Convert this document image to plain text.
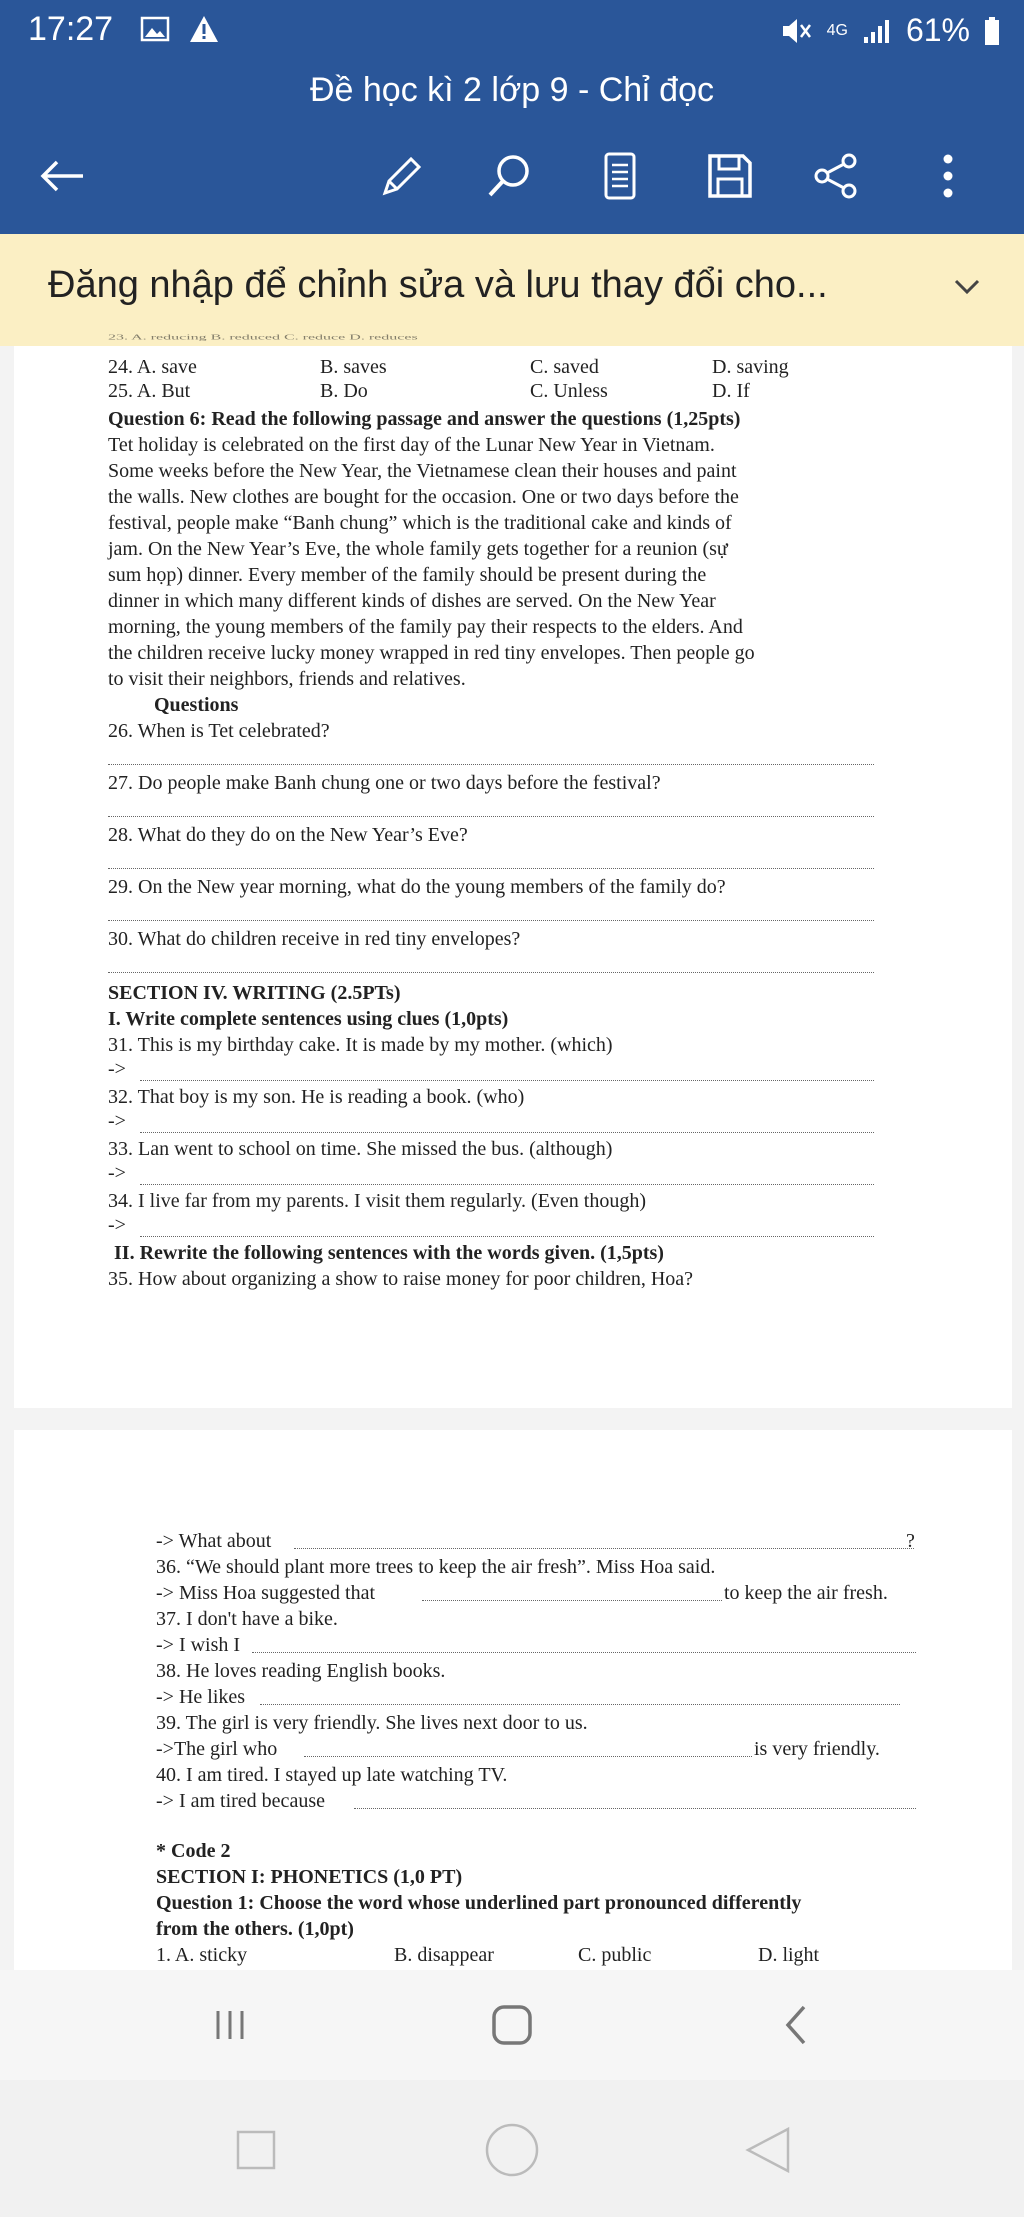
17:27	4G 61%
Đề học kì 2 lớp 9 - Chỉ đọc
Đăng nhập để chỉnh sửa và lưu thay đổi cho...
23. A. reducing B. reduced C. reduce D. reduces
24. A. save	B. saves	C. saved	D. saving
25. A. But	B. Do	C. Unless	D. If
Question 6: Read the following passage and answer the questions (1,25pts)
Tet holiday is celebrated on the first day of the Lunar New Year in Vietnam.
Some weeks before the New Year, the Vietnamese clean their houses and paint
the walls. New clothes are bought for the occasion. One or two days before the
festival, people make “Banh chung” which is the traditional cake and kinds of
jam. On the New Year’s Eve, the whole family gets together for a reunion (sự
sum họp) dinner. Every member of the family should be present during the
dinner in which many different kinds of dishes are served. On the New Year
morning, the young members of the family pay their respects to the elders. And
the children receive lucky money wrapped in red tiny envelopes. Then people go
to visit their neighbors, friends and relatives.
Questions
26. When is Tet celebrated?
27. Do people make Banh chung one or two days before the festival?
28. What do they do on the New Year’s Eve?
29. On the New year morning, what do the young members of the family do?
30. What do children receive in red tiny envelopes?
SECTION IV. WRITING (2.5PTs)
I. Write complete sentences using clues (1,0pts)
31. This is my birthday cake. It is made by my mother. (which)
->
32. That boy is my son. He is reading a book. (who)
->
33. Lan went to school on time. She missed the bus. (although)
->
34. I live far from my parents. I visit them regularly. (Even though)
->
II. Rewrite the following sentences with the words given. (1,5pts)
35. How about organizing a show to raise money for poor children, Hoa?
-> What about	?
36. “We should plant more trees to keep the air fresh”. Miss Hoa said.
-> Miss Hoa suggested that	to keep the air fresh.
37. I don't have a bike.
-> I wish I
38. He loves reading English books.
-> He likes
39. The girl is very friendly. She lives next door to us.
->The girl who	is very friendly.
40. I am tired. I stayed up late watching TV.
-> I am tired because
* Code 2
SECTION I: PHONETICS (1,0 PT)
Question 1: Choose the word whose underlined part pronounced differently
from the others. (1,0pt)
1. A. sticky	B. disappear	C. public	D. light
